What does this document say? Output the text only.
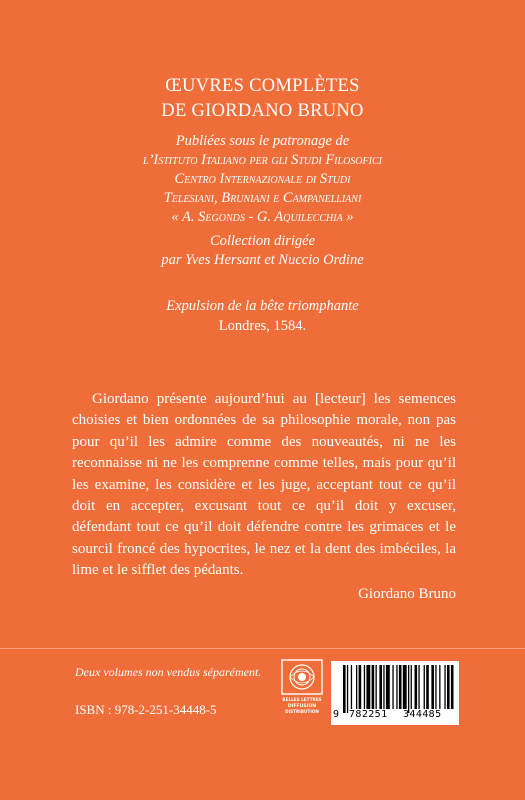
ŒUVRES COMPLÈTES
DE GIORDANO BRUNO
Publiées sous le patronage de
l’Istituto Italiano per gli Studi Filosofici
Centro Internazionale di Studi
Telesiani, Bruniani e Campanelliani
« A. Segonds - G. Aquilecchia »
Collection dirigée
par Yves Hersant et Nuccio Ordine
Expulsion de la bête triomphante
Londres, 1584.

Giordano présente aujourd’hui au [lecteur] les semences choisies et bien ordonnées de sa philosophie morale, non pas pour qu’il les admire comme des nouveautés, ni ne les reconnaisse ni ne les comprenne comme telles, mais pour qu’il les examine, les considère et les juge, acceptant tout ce qu’il doit en accepter, excusant tout ce qu’il doit y excuser, défendant tout ce qu’il doit défendre contre les grimaces et le sourcil froncé des hypocrites, le nez et la dent des imbéciles, la lime et le sifflet des pédants.

Giordano Bruno
Deux volumes non vendus séparément.
ISBN : 978-2-251-34448-5
BELLES LETTRES
DIFFUSION
DISTRIBUTION 9 782251 344485
